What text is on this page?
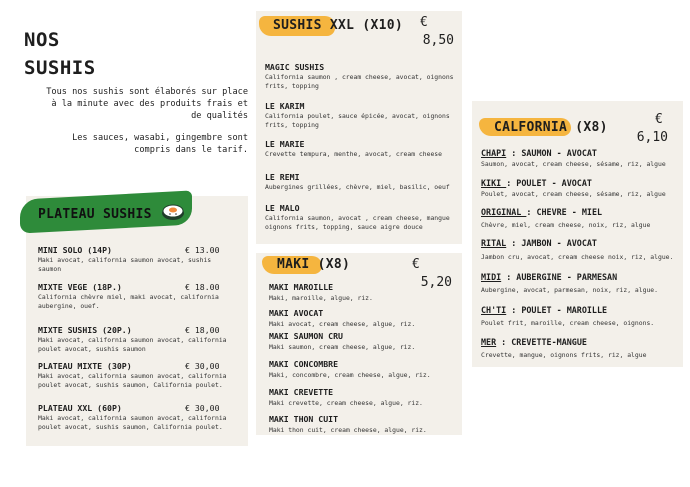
NOS
SUSHIS

Tous nos sushis sont élaborés sur place à la minute avec des produits frais et de qualités

Les sauces, wasabi, gingembre sont compris dans le tarif.

PLATEAU SUSHIS
MINI SOLO (14P)	€ 13.00
Maki avocat, california saumon avocat, sushis saumon
MIXTE VEGE (18P.)	€ 18.00
California chèvre miel, maki avocat, california aubergine, ouef.
MIXTE SUSHIS (20P.)	€ 18,00
Maki avocat, california saumon avocat, california poulet avocat, sushis saumon
PLATEAU MIXTE (30P)	€ 30,00
Maki avocat, california saumon avocat, california poulet avocat, sushis saumon, California poulet.
PLATEAU XXL (60P)	€ 30,00
Maki avocat, california saumon avocat, california poulet avocat, sushis saumon, California poulet.
SUSHIS XXL (X10) €
8,50
MAGIC SUSHIS
California saumon , cream cheese, avocat, oignons frits, topping
LE KARIM
California poulet, sauce épicée, avocat, oignons frits, topping
LE MARIE
Crevette tempura, menthe, avocat, cream cheese
LE REMI
Aubergines grillées, chèvre, miel, basilic, oeuf
LE MALO
California saumon, avocat , cream cheese, mangue oignons frits, topping, sauce aigre douce
MAKI (X8)	€
5,20
MAKI MAROILLE
Maki, maroille, algue, riz.
MAKI AVOCAT
Maki avocat, cream cheese, algue, riz.
MAKI SAUMON CRU
Maki saumon, cream cheese, algue, riz.
MAKI CONCOMBRE
Maki, concombre, cream cheese, algue, riz.
MAKI CREVETTE
Maki crevette, cream cheese, algue, riz.
MAKI THON CUIT
Maki thon cuit, cream cheese, algue, riz.
CALFORNIA (X8)
€
6,10
CHAPI : SAUMON - AVOCAT
Saumon, avocat, cream cheese, sésame, riz, algue
KIKI : POULET - AVOCAT
Poulet, avocat, cream cheese, sésame, riz, algue
ORIGINAL : CHEVRE - MIEL
Chèvre, miel, cream cheese, noix, riz, algue
RITAL : JAMBON - AVOCAT
Jambon cru, avocat, cream cheese noix, riz, algue.
MIDI : AUBERGINE - PARMESAN
Aubergine, avocat, parmesan, noix, riz, algue.
CH'TI : POULET - MAROILLE
Poulet frit, maroille, cream cheese, oignons.
MER : CREVETTE-MANGUE
Crevette, mangue, oignons frits, riz, algue
